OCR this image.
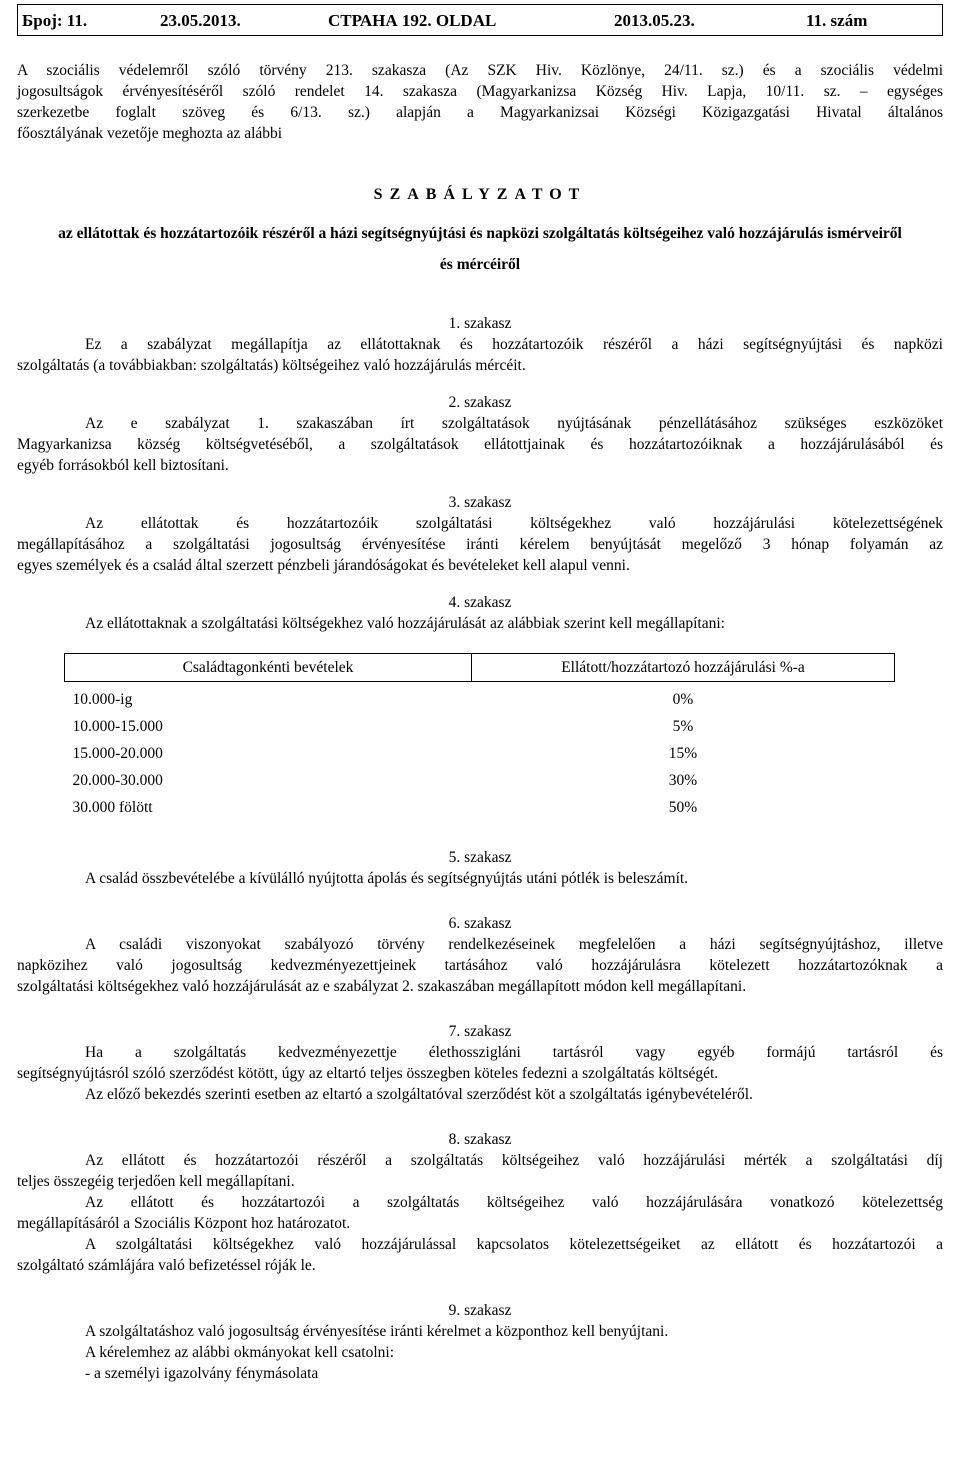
Број: 11.	23.05.2013.	СТРАНА 192. OLDAL	2013.05.23.	11. szám
A szociális védelemről szóló törvény 213. szakasza (Az SZK Hiv. Közlönye, 24/11. sz.) és a szociális védelmi
jogosultságok érvényesítéséről szóló rendelet 14. szakasza (Magyarkanizsa Község Hiv. Lapja, 10/11. sz. – egységes
szerkezetbe foglalt szöveg és 6/13. sz.) alapján a Magyarkanizsai Községi Közigazgatási Hivatal általános
főosztályának vezetője meghozta az alábbi
SZABÁLYZATOT
az ellátottak és hozzátartozóik részéről a házi segítségnyújtási és napközi szolgáltatás költségeihez való hozzájárulás ismérveiről és mércéiről
1. szakasz
Ez a szabályzat megállapítja az ellátottaknak és hozzátartozóik részéről a házi segítségnyújtási és napközi
szolgáltatás (a továbbiakban: szolgáltatás) költségeihez való hozzájárulás mércéit.
2. szakasz
Az e szabályzat 1. szakaszában írt szolgáltatások nyújtásának pénzellátásához szükséges eszközöket
Magyarkanizsa község költségvetéséből, a szolgáltatások ellátottjainak és hozzátartozóiknak a hozzájárulásából és
egyéb forrásokból kell biztosítani.
3. szakasz
Az ellátottak és hozzátartozóik szolgáltatási költségekhez való hozzájárulási kötelezettségének
megállapításához a szolgáltatási jogosultság érvényesítése iránti kérelem benyújtását megelőző 3 hónap folyamán az
egyes személyek és a család által szerzett pénzbeli járandóságokat és bevételeket kell alapul venni.
4. szakasz
Az ellátottaknak a szolgáltatási költségekhez való hozzájárulását az alábbiak szerint kell megállapítani:
Családtagonkénti bevételek	Ellátott/hozzátartozó hozzájárulási %-a
10.000-ig	0%
10.000-15.000	5%
15.000-20.000	15%
20.000-30.000	30%
30.000 fölött	50%
5. szakasz
A család összbevételébe a kívülálló nyújtotta ápolás és segítségnyújtás utáni pótlék is beleszámít.
6. szakasz
A családi viszonyokat szabályozó törvény rendelkezéseinek megfelelően a házi segítségnyújtáshoz, illetve
napközihez való jogosultság kedvezményezettjeinek tartásához való hozzájárulásra kötelezett hozzátartozóknak a
szolgáltatási költségekhez való hozzájárulását az e szabályzat 2. szakaszában megállapított módon kell megállapítani.
7. szakasz
Ha a szolgáltatás kedvezményezettje élethosszigláni tartásról vagy egyéb formájú tartásról és
segítségnyújtásról szóló szerződést kötött, úgy az eltartó teljes összegben köteles fedezni a szolgáltatás költségét.
Az előző bekezdés szerinti esetben az eltartó a szolgáltatóval szerződést köt a szolgáltatás igénybevételéről.
8. szakasz
Az ellátott és hozzátartozói részéről a szolgáltatás költségeihez való hozzájárulási mérték a szolgáltatási díj
teljes összegéig terjedően kell megállapítani.
Az ellátott és hozzátartozói a szolgáltatás költségeihez való hozzájárulására vonatkozó kötelezettség
megállapításáról a Szociális Központ hoz határozatot.
A szolgáltatási költségekhez való hozzájárulással kapcsolatos kötelezettségeiket az ellátott és hozzátartozói a
szolgáltató számlájára való befizetéssel róják le.
9. szakasz
A szolgáltatáshoz való jogosultság érvényesítése iránti kérelmet a központhoz kell benyújtani.
A kérelemhez az alábbi okmányokat kell csatolni:
- a személyi igazolvány fénymásolata
